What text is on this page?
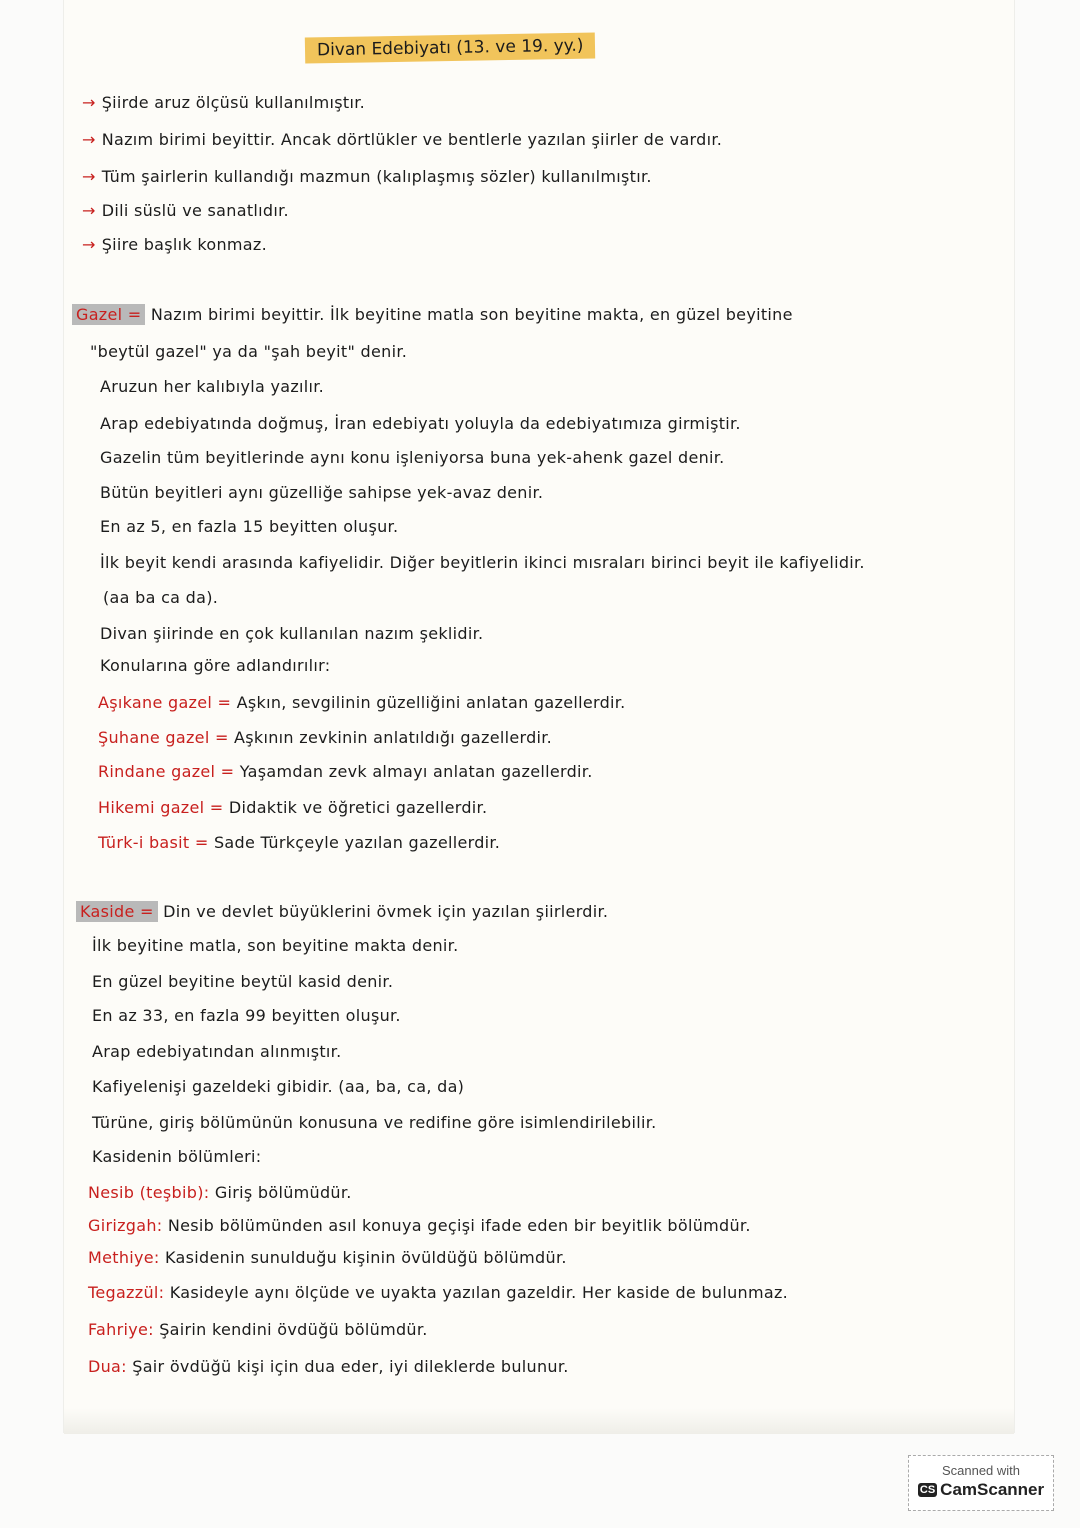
Divan Edebiyatı (13. ve 19. yy.)
→ Şiirde aruz ölçüsü kullanılmıştır.
→ Nazım birimi beyittir. Ancak dörtlükler ve bentlerle yazılan şiirler de vardır.
→ Tüm şairlerin kullandığı mazmun (kalıplaşmış sözler) kullanılmıştır.
→ Dili süslü ve sanatlıdır.
→ Şiire başlık konmaz.
Gazel = Nazım birimi beyittir. İlk beyitine matla son beyitine makta, en güzel beyitine
"beytül gazel" ya da "şah beyit" denir.
Aruzun her kalıbıyla yazılır.
Arap edebiyatında doğmuş, İran edebiyatı yoluyla da edebiyatımıza girmiştir.
Gazelin tüm beyitlerinde aynı konu işleniyorsa buna yek-ahenk gazel denir.
Bütün beyitleri aynı güzelliğe sahipse yek-avaz denir.
En az 5, en fazla 15 beyitten oluşur.
İlk beyit kendi arasında kafiyelidir. Diğer beyitlerin ikinci mısraları birinci beyit ile kafiyelidir.
(aa ba ca da).
Divan şiirinde en çok kullanılan nazım şeklidir.
Konularına göre adlandırılır:
Aşıkane gazel = Aşkın, sevgilinin güzelliğini anlatan gazellerdir.
Şuhane gazel = Aşkının zevkinin anlatıldığı gazellerdir.
Rindane gazel = Yaşamdan zevk almayı anlatan gazellerdir.
Hikemi gazel = Didaktik ve öğretici gazellerdir.
Türk-i basit = Sade Türkçeyle yazılan gazellerdir.
Kaside = Din ve devlet büyüklerini övmek için yazılan şiirlerdir.
İlk beyitine matla, son beyitine makta denir.
En güzel beyitine beytül kasid denir.
En az 33, en fazla 99 beyitten oluşur.
Arap edebiyatından alınmıştır.
Kafiyelenişi gazeldeki gibidir. (aa, ba, ca, da)
Türüne, giriş bölümünün konusuna ve redifine göre isimlendirilebilir.
Kasidenin bölümleri:
Nesib (teşbib): Giriş bölümüdür.
Girizgah: Nesib bölümünden asıl konuya geçişi ifade eden bir beyitlik bölümdür.
Methiye: Kasidenin sunulduğu kişinin övüldüğü bölümdür.
Tegazzül: Kasideyle aynı ölçüde ve uyakta yazılan gazeldir. Her kaside de bulunmaz.
Fahriye: Şairin kendini övdüğü bölümdür.
Dua: Şair övdüğü kişi için dua eder, iyi dileklerde bulunur.
Scanned with
CS CamScanner
